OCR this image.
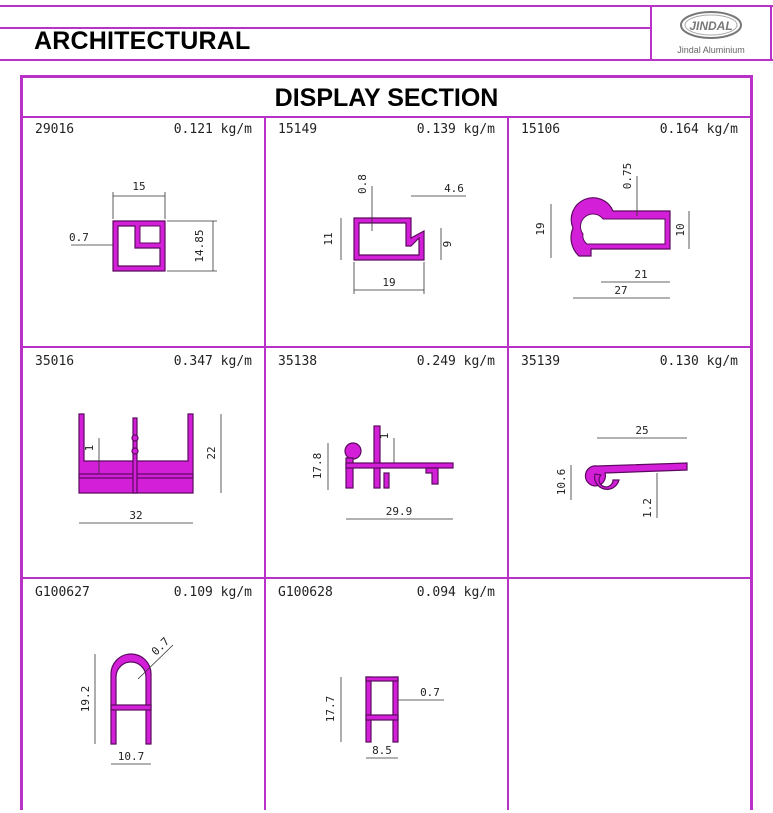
ARCHITECTURAL
JINDAL
Jindal Aluminium
DISPLAY SECTION
29016	0.121 kg/m
15
0.7	14.85
15149	0.139 kg/m
0.8	4.6
11	9
19
15106	0.164 kg/m
0.75
19	10
21
27
35016	0.347 kg/m
1	22
32
35138	0.249 kg/m
17.8
1
29.9
35139	0.130 kg/m
25
10.6
1.2
G100627	0.109 kg/m
0.7
19.2
10.7
G100628	0.094 kg/m
17.7
0.7
8.5
